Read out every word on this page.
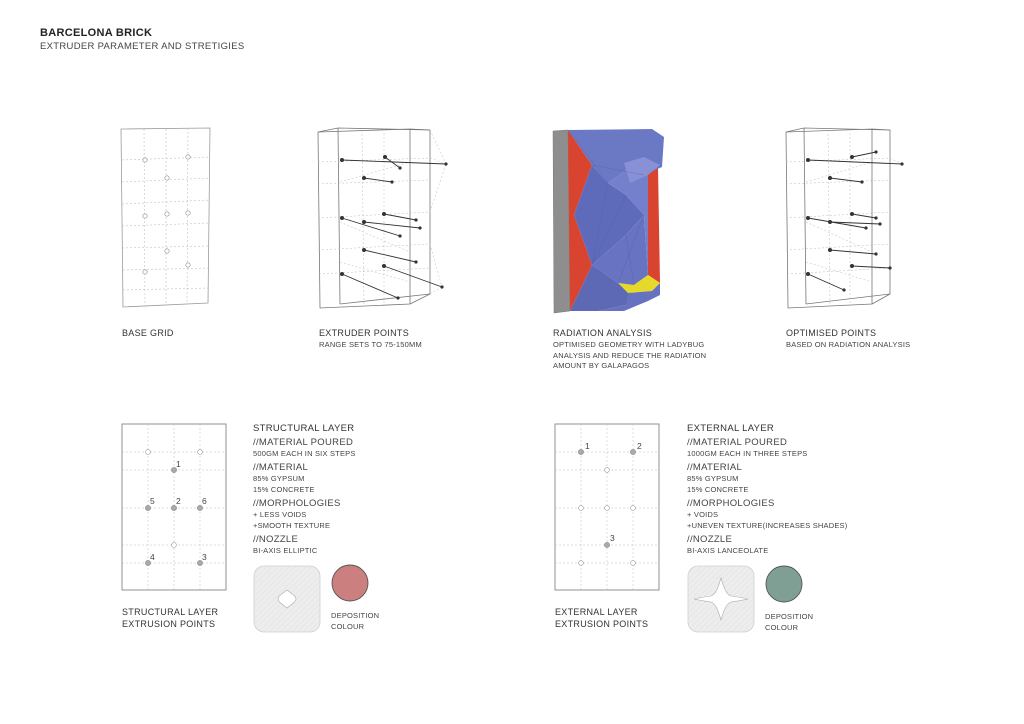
BARCELONA BRICK
EXTRUDER PARAMETER AND STRETIGIES
BASE GRID	EXTRUDER POINTS
RANGE SETS TO 75-150MM
RADIATION ANALYSIS
OPTIMISED GEOMETRY WITH LADYBUG
ANALYSIS AND REDUCE THE RADIATION
AMOUNT BY GALAPAGOS
OPTIMISED POINTS
BASED ON RADIATION ANALYSIS
1
2
3
4
5	6
STRUCTURAL LAYER
EXTRUSION POINTS
STRUCTURAL LAYER
//MATERIAL POURED
500GM EACH IN SIX STEPS
//MATERIAL
85% GYPSUM
15% CONCRETE
//MORPHOLOGIES
+ LESS VOIDS
+SMOOTH TEXTURE
//NOZZLE
BI-AXIS ELLIPTIC
DEPOSITION
COLOUR
1	2
3
EXTERNAL LAYER
EXTRUSION POINTS
EXTERNAL LAYER
//MATERIAL POURED
1000GM EACH IN THREE STEPS
//MATERIAL
85% GYPSUM
15% CONCRETE
//MORPHOLOGIES
+ VOIDS
+UNEVEN TEXTURE(INCREASES SHADES)
//NOZZLE
BI-AXIS LANCEOLATE
DEPOSITION
COLOUR
